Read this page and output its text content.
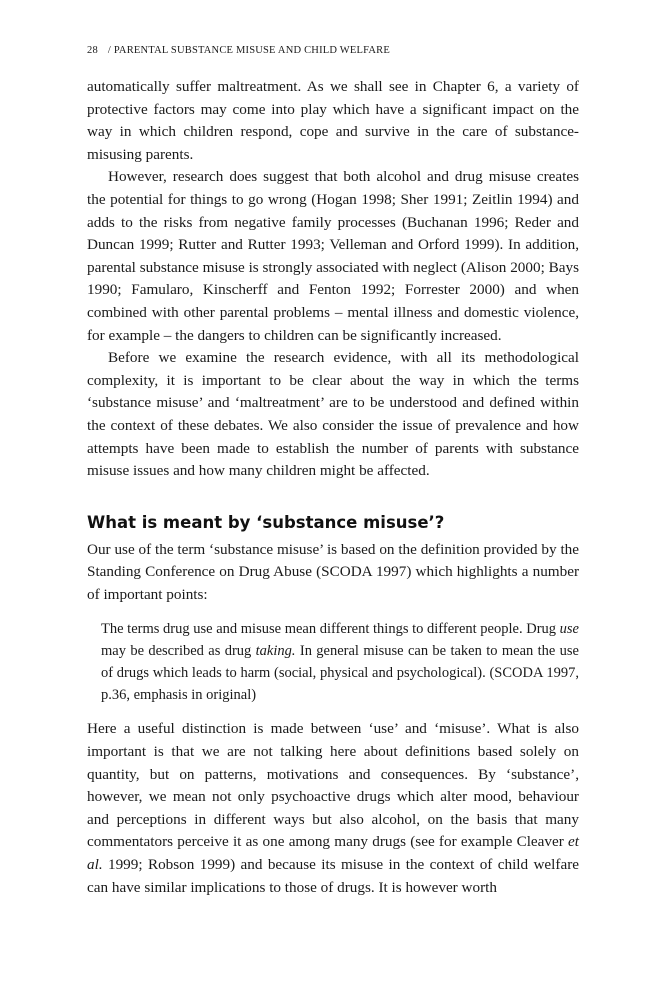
28 / PARENTAL SUBSTANCE MISUSE AND CHILD WELFARE

automatically suffer maltreatment. As we shall see in Chapter 6, a variety of protective factors may come into play which have a significant impact on the way in which children respond, cope and survive in the care of substance-misusing parents.

However, research does suggest that both alcohol and drug misuse creates the potential for things to go wrong (Hogan 1998; Sher 1991; Zeitlin 1994) and adds to the risks from negative family processes (Buchanan 1996; Reder and Duncan 1999; Rutter and Rutter 1993; Velleman and Orford 1999). In addition, parental substance misuse is strongly associated with neglect (Alison 2000; Bays 1990; Famularo, Kinscherff and Fenton 1992; Forrester 2000) and when combined with other parental problems – mental illness and domestic violence, for example – the dangers to children can be significantly increased.

Before we examine the research evidence, with all its methodological complexity, it is important to be clear about the way in which the terms ‘substance misuse’ and ‘maltreatment’ are to be understood and defined within the context of these debates. We also consider the issue of prevalence and how attempts have been made to establish the number of parents with substance misuse issues and how many children might be affected.

What is meant by ‘substance misuse’?

Our use of the term ‘substance misuse’ is based on the definition provided by the Standing Conference on Drug Abuse (SCODA 1997) which highlights a number of important points:

The terms drug use and misuse mean different things to different people. Drug use may be described as drug taking. In general misuse can be taken to mean the use of drugs which leads to harm (social, physical and psychological). (SCODA 1997, p.36, emphasis in original)

Here a useful distinction is made between ‘use’ and ‘misuse’. What is also important is that we are not talking here about definitions based solely on quantity, but on patterns, motivations and consequences. By ‘substance’, however, we mean not only psychoactive drugs which alter mood, behaviour and perceptions in different ways but also alcohol, on the basis that many commentators perceive it as one among many drugs (see for example Cleaver et al. 1999; Robson 1999) and because its misuse in the context of child welfare can have similar implications to those of drugs. It is however worth
